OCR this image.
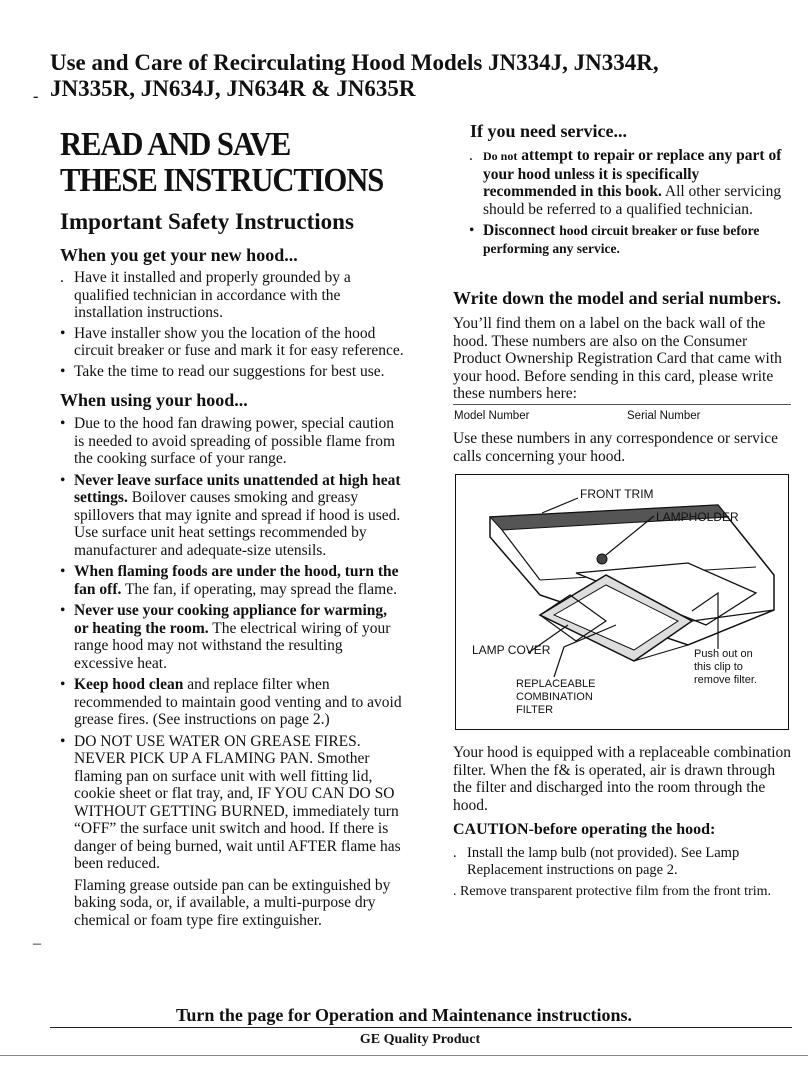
Use and Care of Recirculating Hood Models JN334J, JN334R,
JN335R, JN634J, JN634R & JN635R
-
READ AND SAVE
THESE INSTRUCTIONS
Important Safety Instructions
When you get your new hood...
. Have it installed and properly grounded by a qualified technician in accordance with the installation instructions.
• Have installer show you the location of the hood circuit breaker or fuse and mark it for easy reference.
• Take the time to read our suggestions for best use.
When using your hood...
• Due to the hood fan drawing power, special caution is needed to avoid spreading of possible flame from the cooking surface of your range.
• Never leave surface units unattended at high heat settings. Boilover causes smoking and greasy spillovers that may ignite and spread if hood is used. Use surface unit heat settings recommended by manufacturer and adequate-size utensils.
• When flaming foods are under the hood, turn the fan off. The fan, if operating, may spread the flame.
• Never use your cooking appliance for warming, or heating the room. The electrical wiring of your range hood may not withstand the resulting excessive heat.
• Keep hood clean and replace filter when recommended to maintain good venting and to avoid grease fires. (See instructions on page 2.)
• DO NOT USE WATER ON GREASE FIRES. NEVER PICK UP A FLAMING PAN. Smother flaming pan on surface unit with well fitting lid, cookie sheet or flat tray, and, IF YOU CAN DO SO WITHOUT GETTING BURNED, immediately turn “OFF” the surface unit switch and hood. If there is danger of being burned, wait until AFTER flame has been reduced.
Flaming grease outside pan can be extinguished by baking soda, or, if available, a multi-purpose dry chemical or foam type fire extinguisher.
–
If you need service...
. Do not attempt to repair or replace any part of your hood unless it is specifically recommended in this book. All other servicing should be referred to a qualified technician.
• Disconnect hood circuit breaker or fuse before performing any service.
Write down the model and serial numbers.
You’ll find them on a label on the back wall of the hood. These numbers are also on the Consumer Product Ownership Registration Card that came with your hood. Before sending in this card, please write these numbers here:
Model Number	Serial Number
Use these numbers in any correspondence or service calls concerning your hood.
FRONT TRIM
LAMPHOLDER
LAMP COVER
REPLACEABLE
COMBINATION
FILTER
Push out on
this clip to
remove filter.
Your hood is equipped with a replaceable combination filter. When the f& is operated, air is drawn through the filter and discharged into the room through the hood.
CAUTION-before operating the hood:
. Install the lamp bulb (not provided). See Lamp Replacement instructions on page 2.
. Remove transparent protective film from the front trim.
Turn the page for Operation and Maintenance instructions.
GE Quality Product
